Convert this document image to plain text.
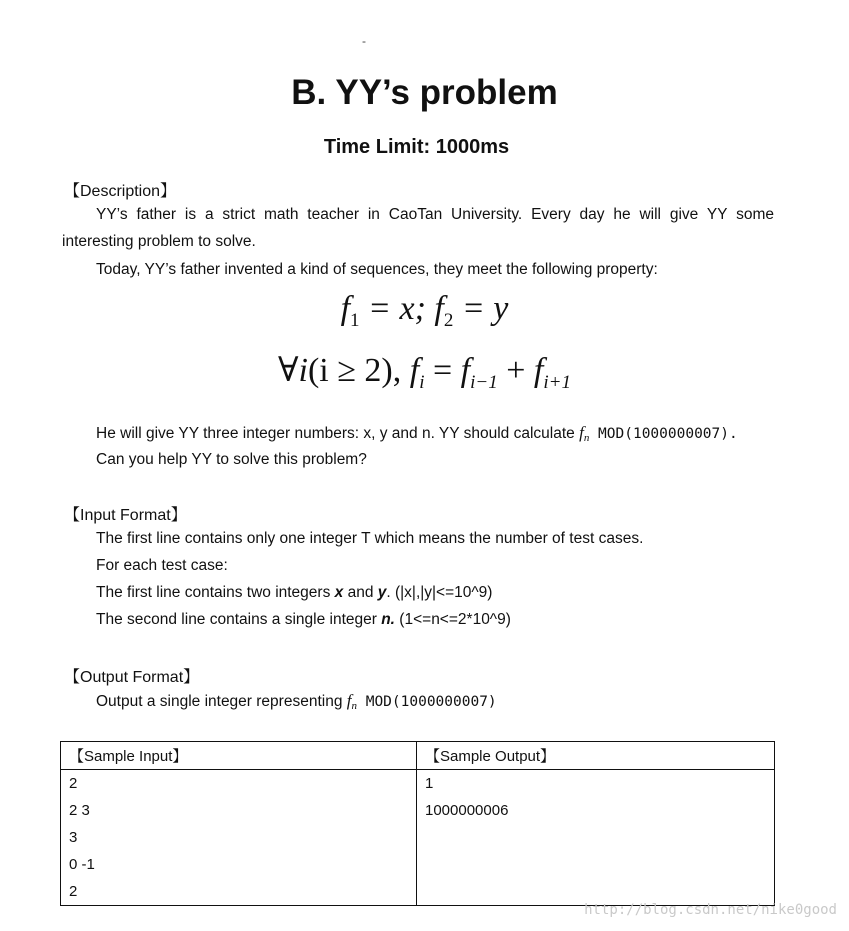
-
B. YY’s problem
Time Limit: 1000ms
【Description】
YY’s father is a strict math teacher in CaoTan University. Every day he will give YY some interesting problem to solve.
Today, YY’s father invented a kind of sequences, they meet the following property:
$f_1 = x$; $f_2 = y$
∀i(i ≥ 2), $f_i = f_{i-1} + f_{i+1}$
He will give YY three integer numbers: x, y and n. YY should calculate $f_n$ MOD(1000000007).
Can you help YY to solve this problem?
【Input Format】
The first line contains only one integer T which means the number of test cases.
For each test case:
The first line contains two integers x and y. (|x|,|y|<=10^9)
The second line contains a single integer n. (1<=n<=2*10^9)
【Output Format】
Output a single integer representing $f_n$ MOD(1000000007)
【Sample Input】	【Sample Output】
2	1
2 3	1000000006
3	
0 -1	
2	
http://blog.csdn.net/nike0good
